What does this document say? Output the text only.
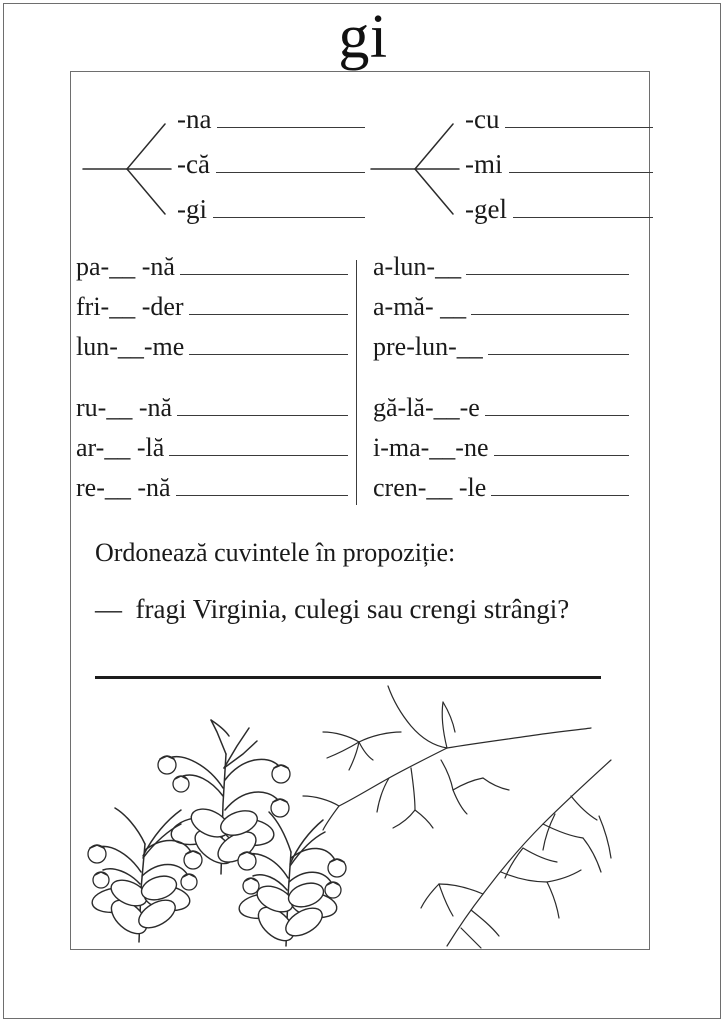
gi
-na
-că
-gi
-cu
-mi
-gel
pa-__ -nă
fri-__ -der
lun-__-me
ru-__ -nă
ar-__ -lă
re-__ -nă
a-lun-__
a-mă- __
pre-lun-__
gă-lă-__-e
i-ma-__-ne
cren-__ -le
Ordonează cuvintele în propoziție:
—  fragi Virginia, culegi sau crengi strângi?
